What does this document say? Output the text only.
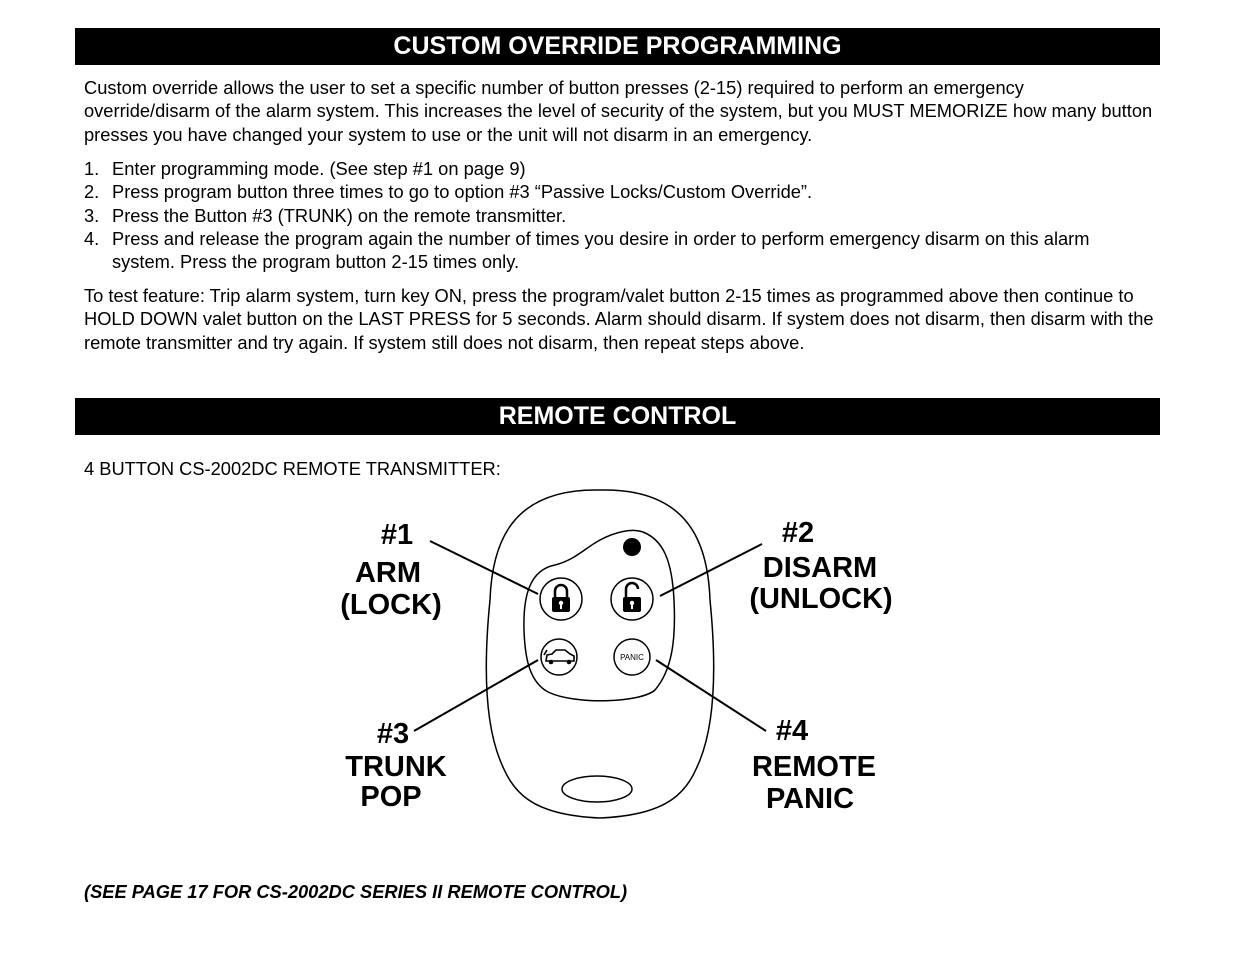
CUSTOM OVERRIDE PROGRAMMING

Custom override allows the user to set a specific number of button presses (2-15) required to perform an emergency override/disarm of the alarm system. This increases the level of security of the system, but you MUST MEMORIZE how many button presses you have changed your system to use or the unit will not disarm in an emergency.

1. Enter programming mode. (See step #1 on page 9)
2. Press program button three times to go to option #3 “Passive Locks/Custom Override”.
3. Press the Button #3 (TRUNK) on the remote transmitter.
4. Press and release the program again the number of times you desire in order to perform emergency disarm on this alarm system. Press the program button 2-15 times only.

To test feature: Trip alarm system, turn key ON, press the program/valet button 2-15 times as programmed above then continue to HOLD DOWN valet button on the LAST PRESS for 5 seconds. Alarm should disarm. If system does not disarm, then disarm with the remote transmitter and try again. If system still does not disarm, then repeat steps above.

REMOTE CONTROL
4 BUTTON CS-2002DC REMOTE TRANSMITTER:
PANIC
#1
ARM
(LOCK)
#2
DISARM
(UNLOCK)
#3
TRUNK
POP
#4
REMOTE
PANIC
(SEE PAGE 17 FOR CS-2002DC SERIES II REMOTE CONTROL)
